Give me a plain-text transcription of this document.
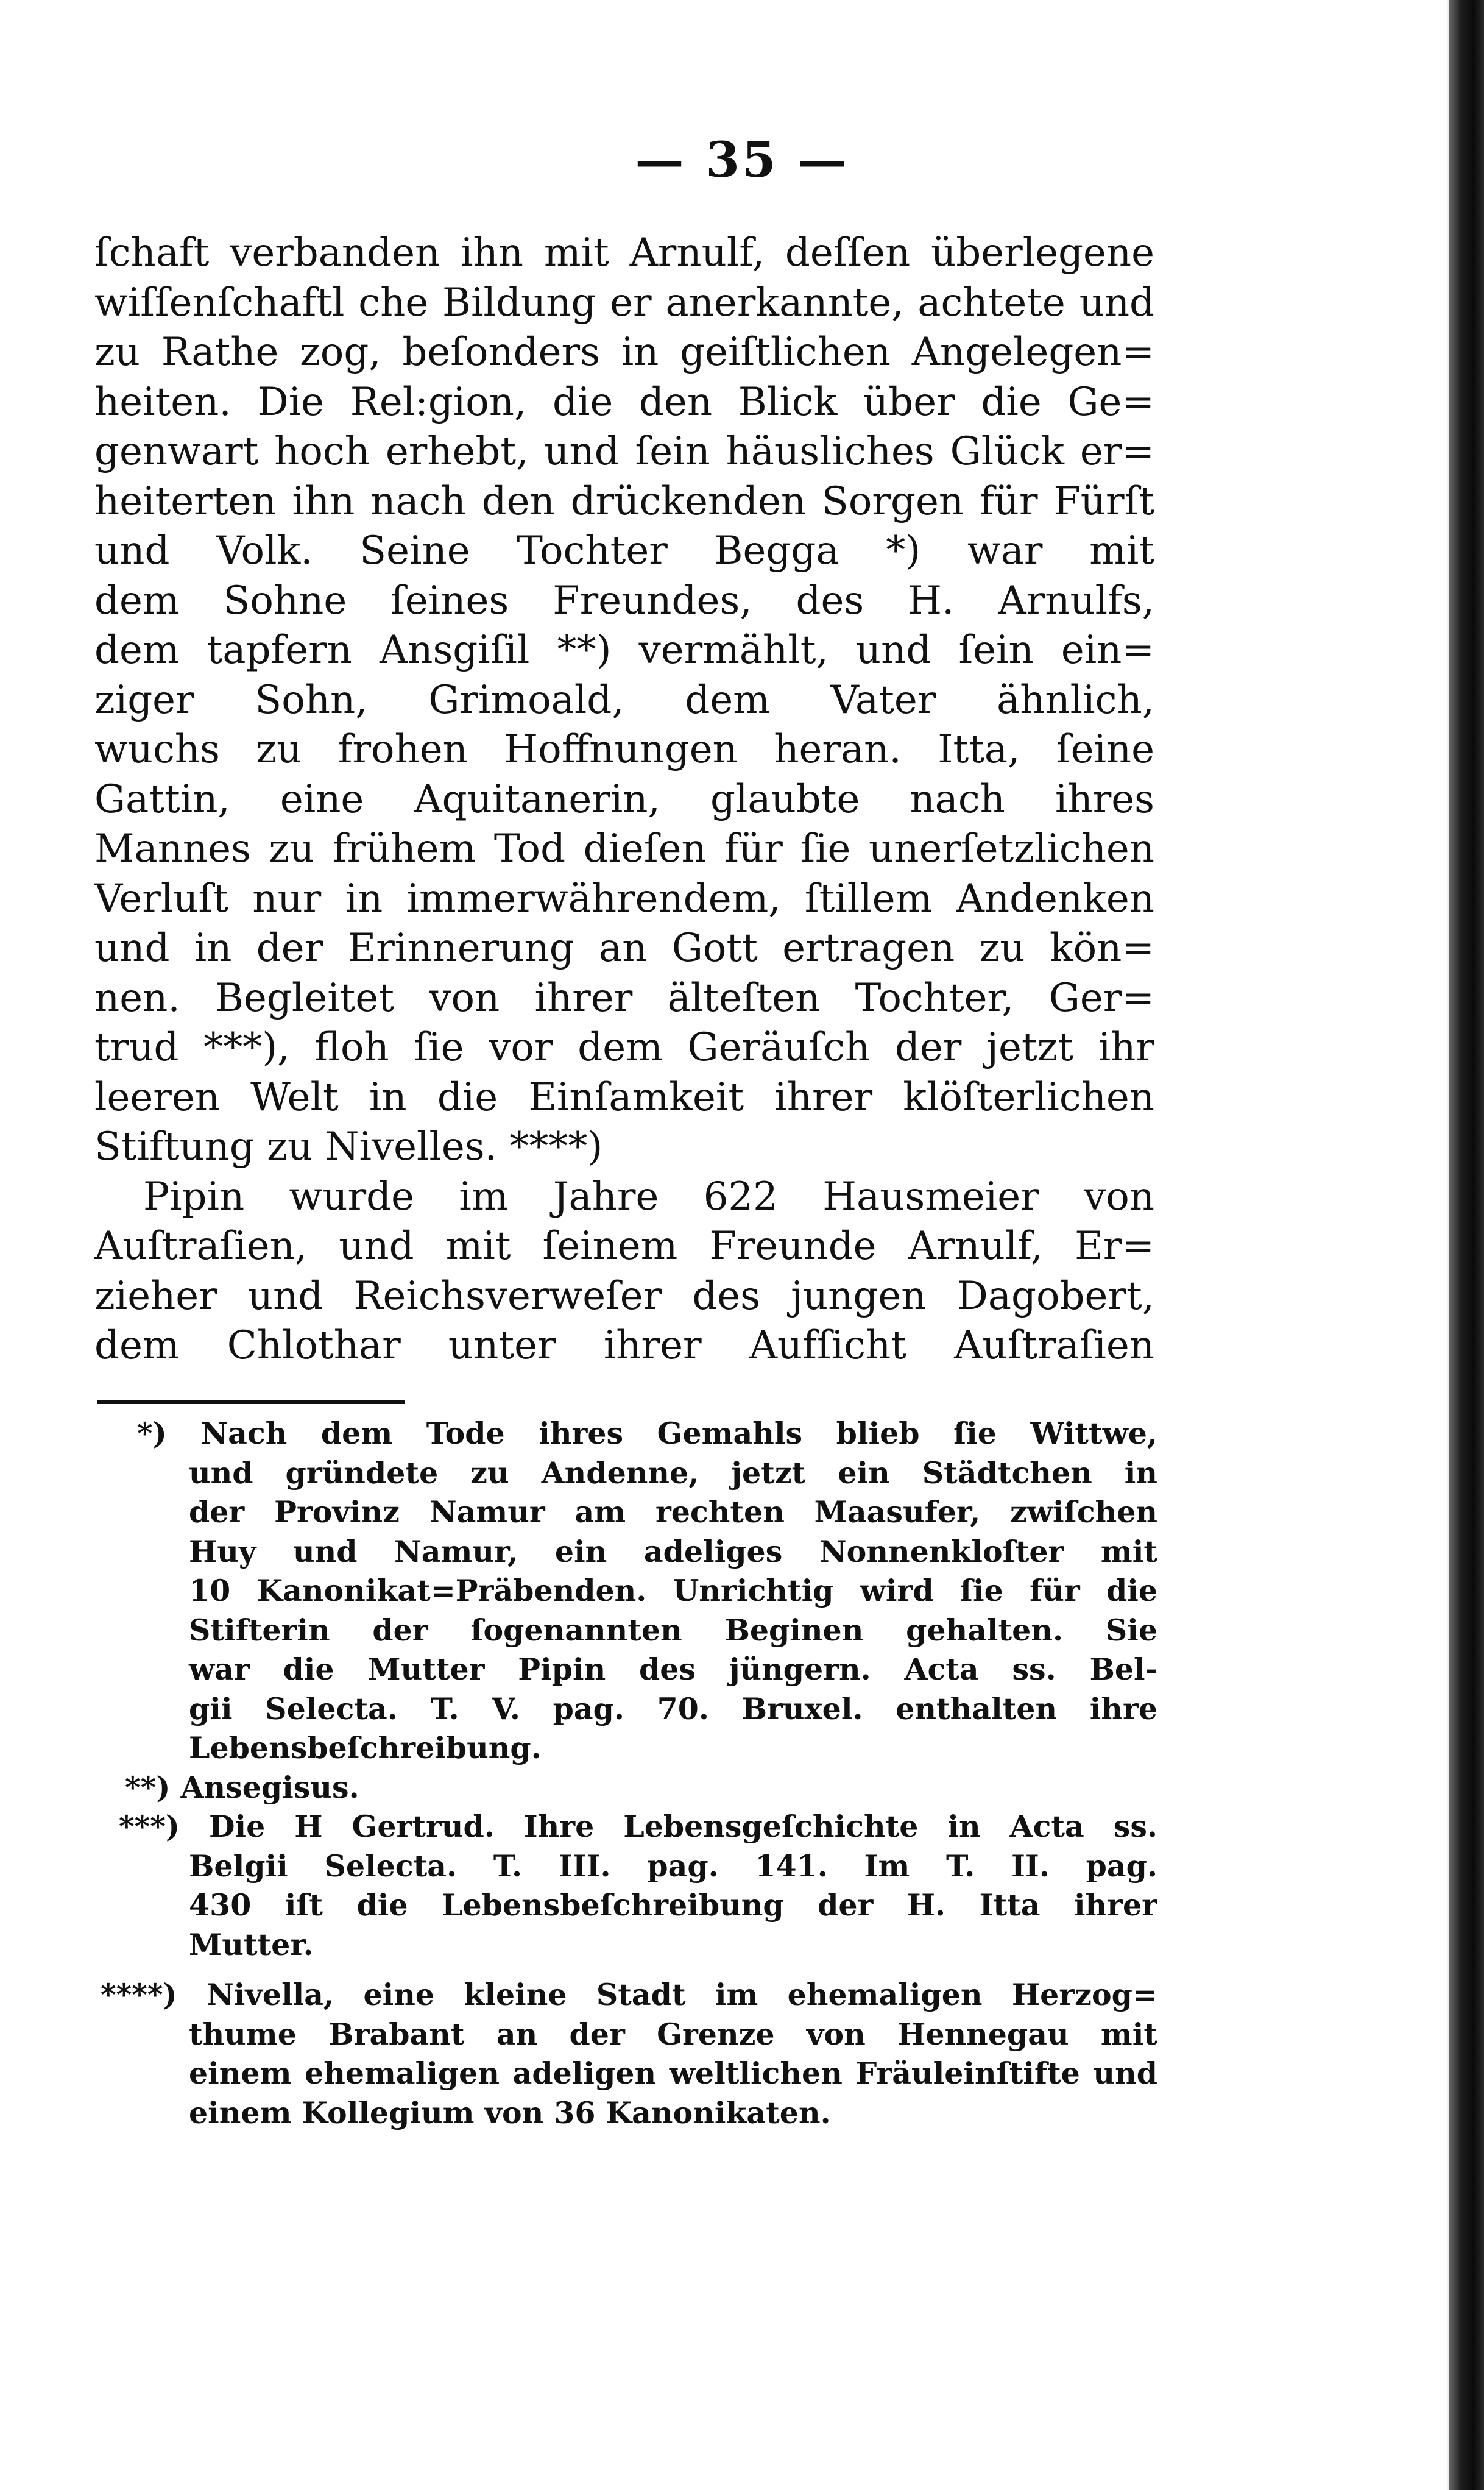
— 35 —
ſchaft verbanden ihn mit Arnulf, deſſen überlegene
wiſſenſchaftl che Bildung er anerkannte, achtete und
zu Rathe zog, beſonders in geiſtlichen Angelegen=
heiten. Die Rel:gion, die den Blick über die Ge=
genwart hoch erhebt, und ſein häusliches Glück er=
heiterten ihn nach den drückenden Sorgen für Fürſt
und Volk. Seine Tochter Begga *) war mit
dem Sohne ſeines Freundes, des H. Arnulfs,
dem tapfern Ansgiſil **) vermählt, und ſein ein=
ziger Sohn, Grimoald, dem Vater ähnlich,
wuchs zu frohen Hoffnungen heran. Itta, ſeine
Gattin, eine Aquitanerin, glaubte nach ihres
Mannes zu frühem Tod dieſen für ſie unerſetzlichen
Verluſt nur in immerwährendem, ſtillem Andenken
und in der Erinnerung an Gott ertragen zu kön=
nen. Begleitet von ihrer älteſten Tochter, Ger=
trud ***), floh ſie vor dem Geräuſch der jetzt ihr
leeren Welt in die Einſamkeit ihrer klöſterlichen
Stiftung zu Nivelles. ****)
Pipin wurde im Jahre 622 Hausmeier von
Auſtraſien, und mit ſeinem Freunde Arnulf, Er=
zieher und Reichsverweſer des jungen Dagobert,
dem Chlothar unter ihrer Aufſicht Auſtraſien
*) Nach dem Tode ihres Gemahls blieb ſie Wittwe,
und gründete zu Andenne, jetzt ein Städtchen in
der Provinz Namur am rechten Maasufer, zwiſchen
Huy und Namur, ein adeliges Nonnenkloſter mit
10 Kanonikat=Präbenden. Unrichtig wird ſie für die
Stifterin der ſogenannten Beginen gehalten. Sie
war die Mutter Pipin des jüngern. Acta ss. Bel-
gii Selecta. T. V. pag. 70. Bruxel. enthalten ihre
Lebensbeſchreibung.
**) Ansegisus.
***) Die H Gertrud. Ihre Lebensgeſchichte in Acta ss.
Belgii Selecta. T. III. pag. 141. Im T. II. pag.
430 iſt die Lebensbeſchreibung der H. Itta ihrer
Mutter.
****) Nivella, eine kleine Stadt im ehemaligen Herzog=
thume Brabant an der Grenze von Hennegau mit
einem ehemaligen adeligen weltlichen Fräuleinſtifte und
einem Kollegium von 36 Kanonikaten.
